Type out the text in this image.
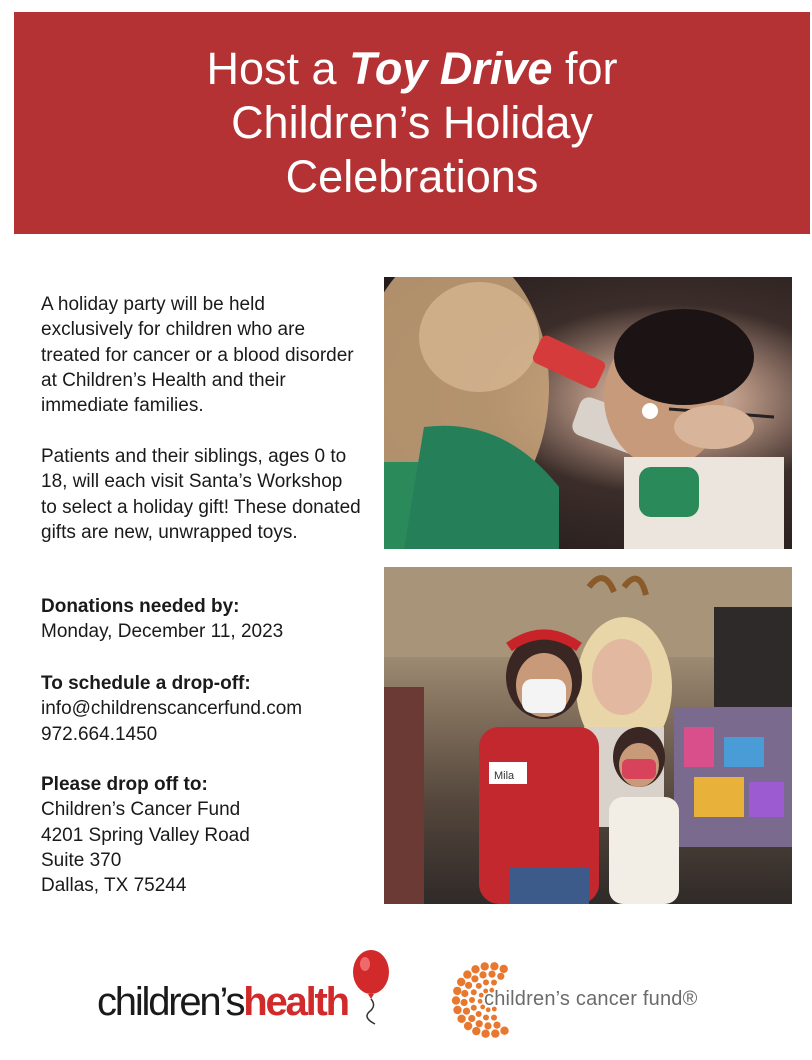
Host a Toy Drive for
Children’s Holiday
Celebrations

A holiday party will be held exclusively for children who are treated for cancer or a blood disorder at Children’s Health and their immediate families.

Patients and their siblings, ages 0 to 18, will each visit Santa’s Workshop to select a holiday gift! These donated gifts are new, unwrapped toys.

Donations needed by:
Monday, December 11, 2023
To schedule a drop-off:
info@childrenscancerfund.com
972.664.1450
Please drop off to:
Children’s Cancer Fund
4201 Spring Valley Road
Suite 370
Dallas, TX 75244
Mila
children’shealth	children’s cancer fund®
